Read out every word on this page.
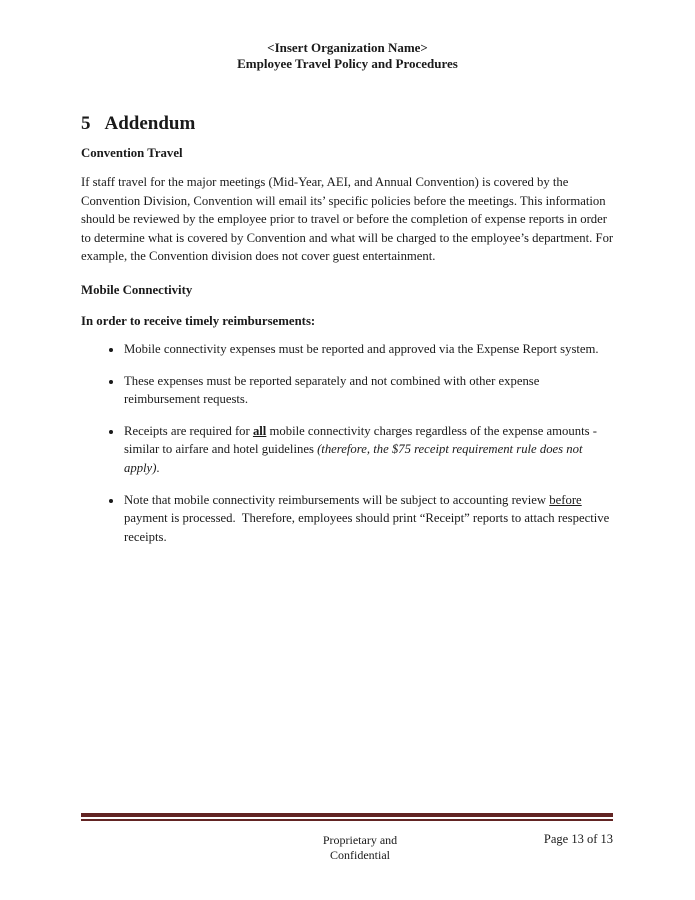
<Insert Organization Name>
Employee Travel Policy and Procedures
5 Addendum
Convention Travel

If staff travel for the major meetings (Mid-Year, AEI, and Annual Convention) is covered by the Convention Division, Convention will email its’ specific policies before the meetings. This information should be reviewed by the employee prior to travel or before the completion of expense reports in order to determine what is covered by Convention and what will be charged to the employee’s department. For example, the Convention division does not cover guest entertainment.

Mobile Connectivity
In order to receive timely reimbursements:
• Mobile connectivity expenses must be reported and approved via the Expense Report system.
• These expenses must be reported separately and not combined with other expense reimbursement requests.
• Receipts are required for all mobile connectivity charges regardless of the expense amounts - similar to airfare and hotel guidelines (therefore, the $75 receipt requirement rule does not apply).
• Note that mobile connectivity reimbursements will be subject to accounting review before payment is processed.  Therefore, employees should print “Receipt” reports to attach respective receipts.
Proprietary and
Confidential
Page 13 of 13
